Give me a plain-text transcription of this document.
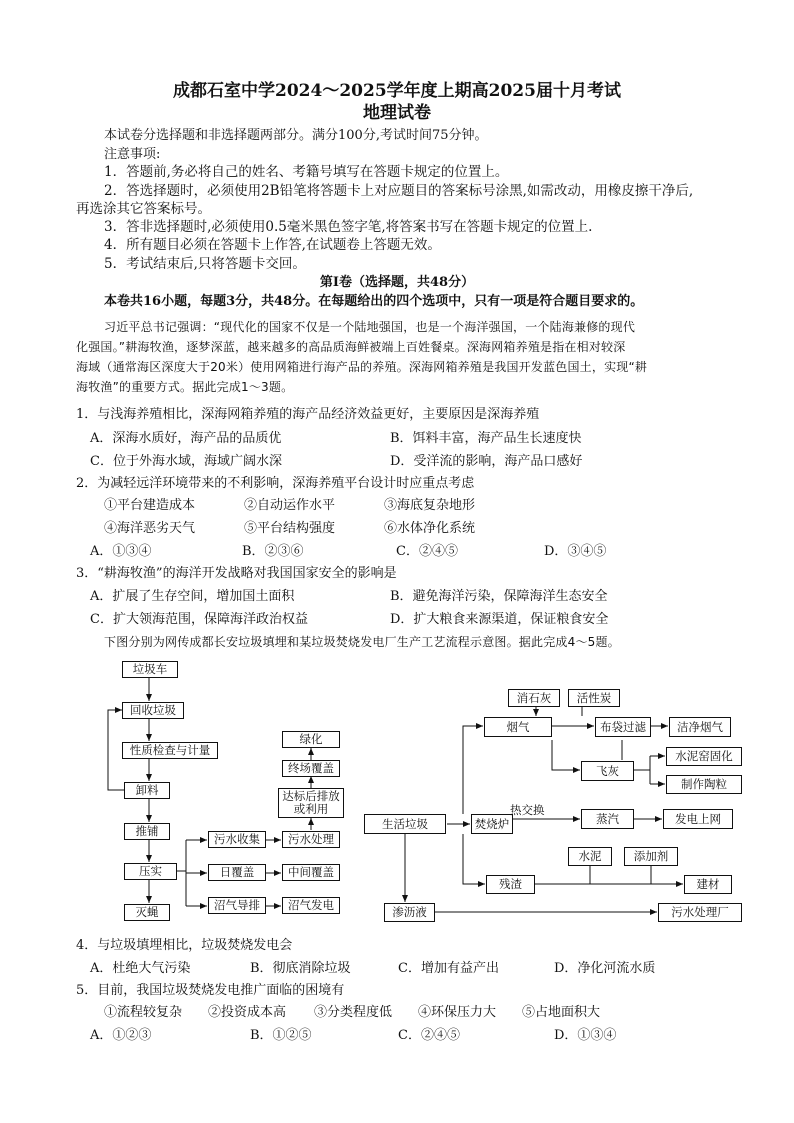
成都石室中学2024～2025学年度上期高2025届十月考试
地理试卷
本试卷分选择题和非选择题两部分。满分100分,考试时间75分钟。
注意事项:
1．答题前,务必将自己的姓名、考籍号填写在答题卡规定的位置上。
2．答选择题时，必须使用2B铅笔将答题卡上对应题目的答案标号涂黑,如需改动，用橡皮擦干净后,
再选涂其它答案标号。
3．答非选择题时,必须使用0.5毫米黑色签字笔,将答案书写在答题卡规定的位置上.
4．所有题目必须在答题卡上作答,在试题卷上答题无效。
5．考试结束后,只将答题卡交回。
第Ⅰ卷（选择题，共48分）
本卷共16小题，每题3分，共48分。在每题给出的四个选项中，只有一项是符合题目要求的。
习近平总书记强调：“现代化的国家不仅是一个陆地强国，也是一个海洋强国，一个陆海兼修的现代
化强国。”耕海牧渔，逐梦深蓝，越来越多的高品质海鲜被端上百姓餐桌。深海网箱养殖是指在相对较深
海域（通常海区深度大于20米）使用网箱进行海产品的养殖。深海网箱养殖是我国开发蓝色国土，实现“耕
海牧渔”的重要方式。据此完成1～3题。
1．与浅海养殖相比，深海网箱养殖的海产品经济效益更好，主要原因是深海养殖
A．深海水质好，海产品的品质优	B．饵料丰富，海产品生长速度快
C．位于外海水域，海域广阔水深	D．受洋流的影响，海产品口感好
2．为减轻远洋环境带来的不利影响，深海养殖平台设计时应重点考虑
①平台建造成本	②自动运作水平	③海底复杂地形
④海洋恶劣天气	⑤平台结构强度	⑥水体净化系统
A．①③④	B．②③⑥	C．②④⑤	D．③④⑤
3．“耕海牧渔”的海洋开发战略对我国国家安全的影响是
A．扩展了生存空间，增加国土面积	B．避免海洋污染，保障海洋生态安全
C．扩大领海范围，保障海洋政治权益	D．扩大粮食来源渠道，保证粮食安全
下图分别为网传成都长安垃圾填埋和某垃圾焚烧发电厂生产工艺流程示意图。据此完成4～5题。
垃圾车
回收垃圾
性质检查与计量
卸料
推铺
压实
灭蝇
污水收集	污水处理
达标后排放或利用
终场覆盖
绿化
日覆盖	中间覆盖
沼气导排	沼气发电
消石灰	活性炭
生活垃圾	焚烧炉
烟气	布袋过滤	洁净烟气
飞灰
水泥窑固化
制作陶粒
蒸汽	发电上网
水泥	添加剂
残渣	建材
渗沥液	污水处理厂
热交换
4．与垃圾填埋相比，垃圾焚烧发电会
A．杜绝大气污染	B．彻底消除垃圾	C．增加有益产出	D．净化河流水质
5．目前，我国垃圾焚烧发电推广面临的困境有
①流程较复杂 ②投资成本高 ③分类程度低 ④环保压力大 ⑤占地面积大
A．①②③	B．①②⑤	C．②④⑤	D．①③④
